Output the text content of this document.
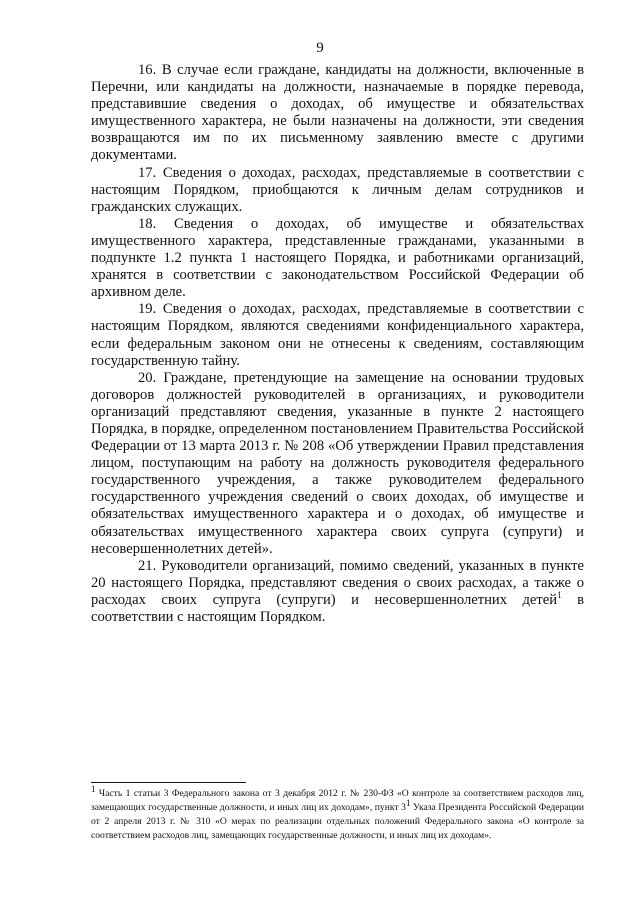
9

16. В случае если граждане, кандидаты на должности, включенные в Перечни, или кандидаты на должности, назначаемые в порядке перевода, представившие сведения о доходах, об имуществе и обязательствах имущественного характера, не были назначены на должности, эти сведения возвращаются им по их письменному заявлению вместе с другими документами.

17. Сведения о доходах, расходах, представляемые в соответствии с настоящим Порядком, приобщаются к личным делам сотрудников и гражданских служащих.

18. Сведения о доходах, об имуществе и обязательствах имущественного характера, представленные гражданами, указанными в подпункте 1.2 пункта 1 настоящего Порядка, и работниками организаций, хранятся в соответствии с законодательством Российской Федерации об архивном деле.

19. Сведения о доходах, расходах, представляемые в соответствии с настоящим Порядком, являются сведениями конфиденциального характера, если федеральным законом они не отнесены к сведениям, составляющим государственную тайну.

20. Граждане, претендующие на замещение на основании трудовых договоров должностей руководителей в организациях, и руководители организаций представляют сведения, указанные в пункте 2 настоящего Порядка, в порядке, определенном постановлением Правительства Российской Федерации от 13 марта 2013 г. № 208 «Об утверждении Правил представления лицом, поступающим на работу на должность руководителя федерального государственного учреждения, а также руководителем федерального государственного учреждения сведений о своих доходах, об имуществе и обязательствах имущественного характера и о доходах, об имуществе и обязательствах имущественного характера своих супруга (супруги) и несовершеннолетних детей».

21. Руководители организаций, помимо сведений, указанных в пункте 20 настоящего Порядка, представляют сведения о своих расходах, а также о расходах своих супруга (супруги) и несовершеннолетних детей$^1$ в соответствии с настоящим Порядком.

$^1$ Часть 1 статьи 3 Федерального закона от 3 декабря 2012 г. № 230-ФЗ «О контроле за соответствием расходов лиц, замещающих государственные должности, и иных лиц их доходам», пункт $3^1$ Указа Президента Российской Федерации от 2 апреля 2013 г. № 310 «О мерах по реализации отдельных положений Федерального закона «О контроле за соответствием расходов лиц, замещающих государственные должности, и иных лиц их доходам».
